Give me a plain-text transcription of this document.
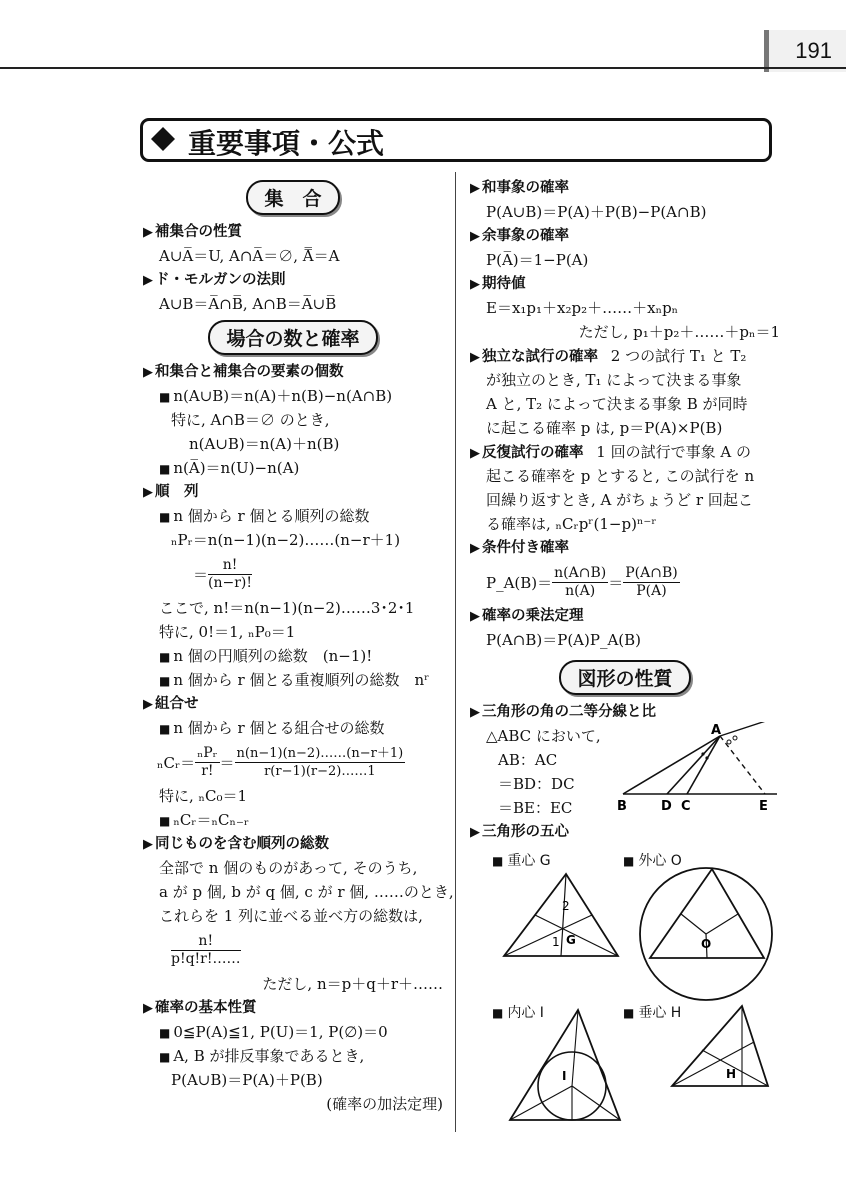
191
重要事項・公式
集　合
▶ 補集合の性質
A∪A̅＝U, A∩A̅＝∅, A̿＝A
▶ ド・モルガンの法則
A∪B＝A̅∩B̅, A∩B＝A̅∪B̅
場合の数と確率
▶ 和集合と補集合の要素の個数
■ n(A∪B)＝n(A)＋n(B)−n(A∩B)
特に, A∩B＝∅ のとき,
n(A∪B)＝n(A)＋n(B)
■ n(A̅)＝n(U)−n(A)
▶ 順　列
■ n 個から r 個とる順列の総数
ₙPᵣ＝n(n−1)(n−2)……(n−r＋1)
＝ $\frac{n!}{(n-r)!}$
ここで, n!＝n(n−1)(n−2)……3･2･1
特に, 0!＝1, ₙP₀＝1
■ n 個の円順列の総数　(n−1)!
■ n 個から r 個とる重複順列の総数　nʳ
▶ 組合せ
■ n 個から r 個とる組合せの総数
ₙCᵣ＝ $\frac{\text{ₙPᵣ}}{r!} = \frac{n(n-1)(n-2)\dots\dots(n-r+1)}{r(r-1)(r-2)\dots\dots 1}$
特に, ₙC₀＝1
■ ₙCᵣ＝ₙCₙ₋ᵣ
▶ 同じものを含む順列の総数
全部で n 個のものがあって, そのうち,
a が p 個, b が q 個, c が r 個, ……のとき,
これらを 1 列に並べる並べ方の総数は,
$\frac{n!}{p!q!r!\dots\dots}$
ただし, n＝p＋q＋r＋……
▶ 確率の基本性質
■ 0≦P(A)≦1, P(U)＝1, P(∅)＝0
■ A, B が排反事象であるとき,
P(A∪B)＝P(A)＋P(B)
(確率の加法定理)
▶ 和事象の確率
P(A∪B)＝P(A)＋P(B)−P(A∩B)
▶ 余事象の確率
P(A̅)＝1−P(A)
▶ 期待値
E＝x₁p₁＋x₂p₂＋……＋xₙpₙ
ただし, p₁＋p₂＋……＋pₙ＝1
▶ 独立な試行の確率 2 つの試行 T₁ と T₂
が独立のとき, T₁ によって決まる事象
A と, T₂ によって決まる事象 B が同時
に起こる確率 p は, p＝P(A)×P(B)
▶ 反復試行の確率 1 回の試行で事象 A の
起こる確率を p とすると, この試行を n
回繰り返すとき, A がちょうど r 回起こ
る確率は, ₙCᵣpʳ(1−p)ⁿ⁻ʳ
▶ 条件付き確率
P_A(B)＝ $\frac{n(A\cap B)}{n(A)} = \frac{P(A\cap B)}{P(A)}$
▶ 確率の乗法定理
P(A∩B)＝P(A)P_A(B)
図形の性質
▶ 三角形の角の二等分線と比
△ABC において,
AB：AC
＝BD：DC
＝BE：EC
▶ 三角形の五心
A
B	D C	E
■ 重心 G
G
2
1
■ 外心 O
O
■ 内心 I
I
■ 垂心 H
H
